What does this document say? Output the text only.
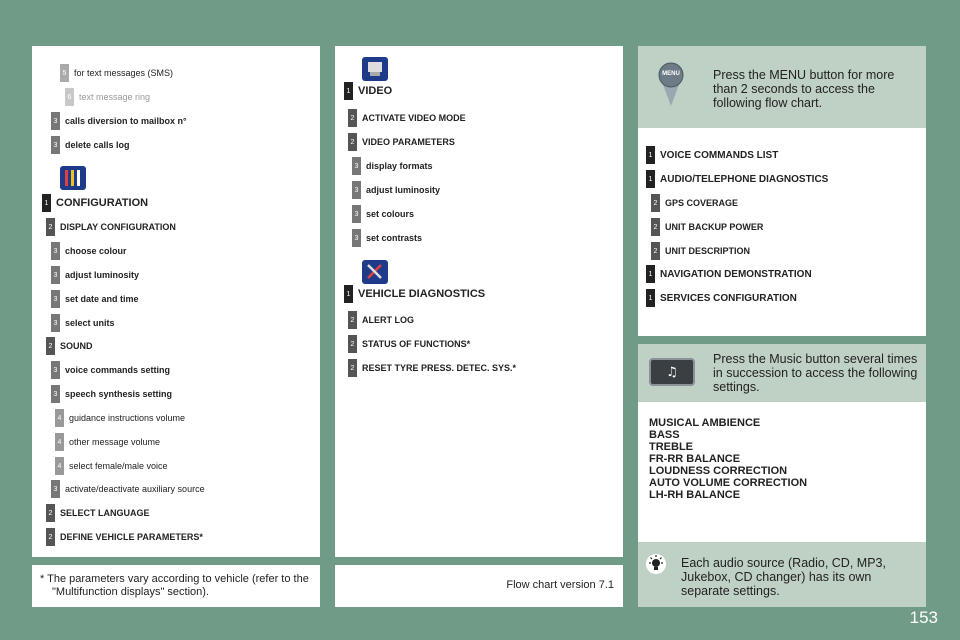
5 for text messages (SMS)
6 text message ring
3 calls diversion to mailbox n°
3 delete calls log
1 CONFIGURATION
2 DISPLAY CONFIGURATION
3 choose colour
3 adjust luminosity
3 set date and time
3 select units
2 SOUND
3 voice commands setting
3 speech synthesis setting
4 guidance instructions volume
4 other message volume
4 select female/male voice
3 activate/deactivate auxiliary source
2 SELECT LANGUAGE
2 DEFINE VEHICLE PARAMETERS*
1 VIDEO
2 ACTIVATE VIDEO MODE
2 VIDEO PARAMETERS
3 display formats
3 adjust luminosity
3 set colours
3 set contrasts
1 VEHICLE DIAGNOSTICS
2 ALERT LOG
2 STATUS OF FUNCTIONS*
2 RESET TYRE PRESS. DETEC. SYS.*
MENU	Press the MENU button for more than 2 seconds to access the following flow chart.
1 VOICE COMMANDS LIST
1 AUDIO/TELEPHONE DIAGNOSTICS
2 GPS COVERAGE
2 UNIT BACKUP POWER
2 UNIT DESCRIPTION
1 NAVIGATION DEMONSTRATION
1 SERVICES CONFIGURATION
♫
Press the Music button several times in succession to access the following settings.
MUSICAL AMBIENCE
BASS
TREBLE
FR-RR BALANCE
LOUDNESS CORRECTION
AUTO VOLUME CORRECTION
LH-RH BALANCE
Each audio source (Radio, CD, MP3, Jukebox, CD changer) has its own separate settings.
* The parameters vary according to vehicle (refer to the "Multifunction displays" section).
Flow chart version 7.1
153
